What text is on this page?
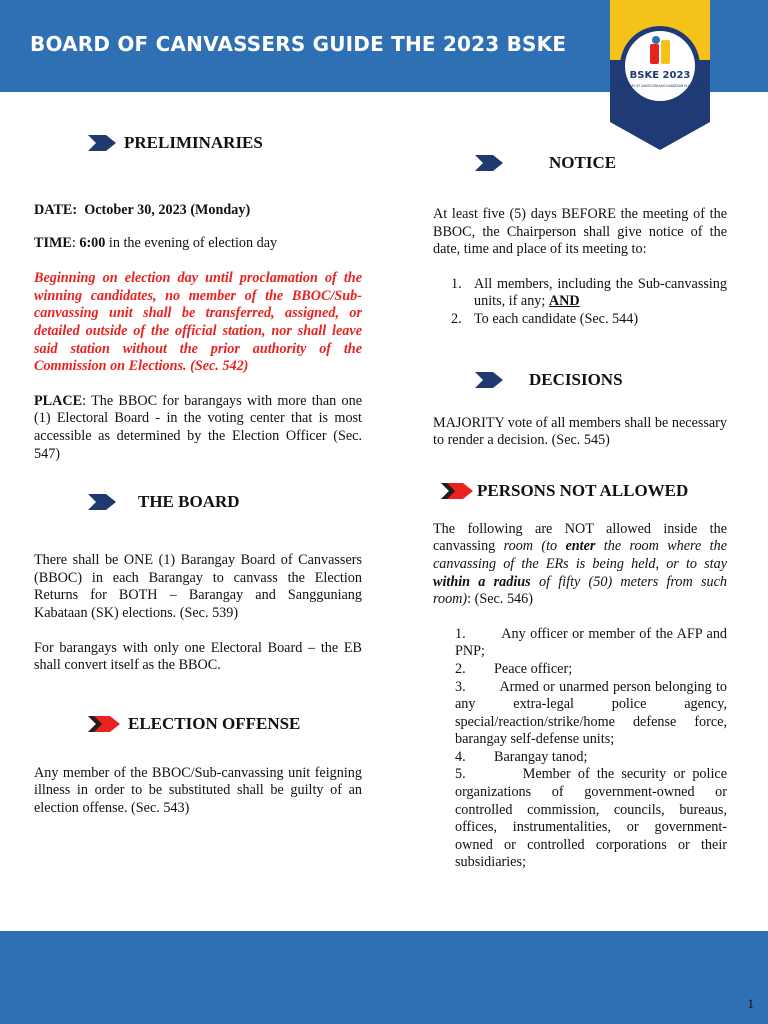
BOARD OF CANVASSERS GUIDE THE 2023 BSKE
BSKE 2023
BARANGAY AT SANGGUNIANG KABATAAN ELECTIONS
PRELIMINARIES

DATE: October 30, 2023 (Monday)

TIME: 6:00 in the evening of election day

Beginning on election day until proclamation of the winning candidates, no member of the BBOC/Sub-canvassing unit shall be transferred, assigned, or detailed outside of the official station, nor shall leave said station without the prior authority of the Commission on Elections. (Sec. 542)

PLACE: The BBOC for barangays with more than one (1) Electoral Board - in the voting center that is most accessible as determined by the Election Officer (Sec. 547)

THE BOARD

There shall be ONE (1) Barangay Board of Canvassers (BBOC) in each Barangay to canvass the Election Returns for BOTH – Barangay and Sangguniang Kabataan (SK) elections. (Sec. 539)

For barangays with only one Electoral Board – the EB shall convert itself as the BBOC.

ELECTION OFFENSE

Any member of the BBOC/Sub-canvassing unit feigning illness in order to be substituted shall be guilty of an election offense. (Sec. 543)

NOTICE

At least five (5) days BEFORE the meeting of the BBOC, the Chairperson shall give notice of the date, time and place of its meeting to:

1. All members, including the Sub-canvassing units, if any; AND
2. To each candidate (Sec. 544)
DECISIONS

MAJORITY vote of all members shall be necessary to render a decision. (Sec. 545)

PERSONS NOT ALLOWED

The following are NOT allowed inside the canvassing room (to enter the room where the canvassing of the ERs is being held, or to stay within a radius of fifty (50) meters from such room): (Sec. 546)

1.	Any officer or member of the AFP and PNP;
2. Peace officer;
3. Armed or unarmed person belonging to any extra-legal police agency, special/reaction/strike/home defense force, barangay self-defense units;
4. Barangay tanod;
5.	Member of the security or police organizations of government-owned or controlled commission, councils, bureaus, offices, instrumentalities, or government-owned or controlled corporations or their subsidiaries;
1
